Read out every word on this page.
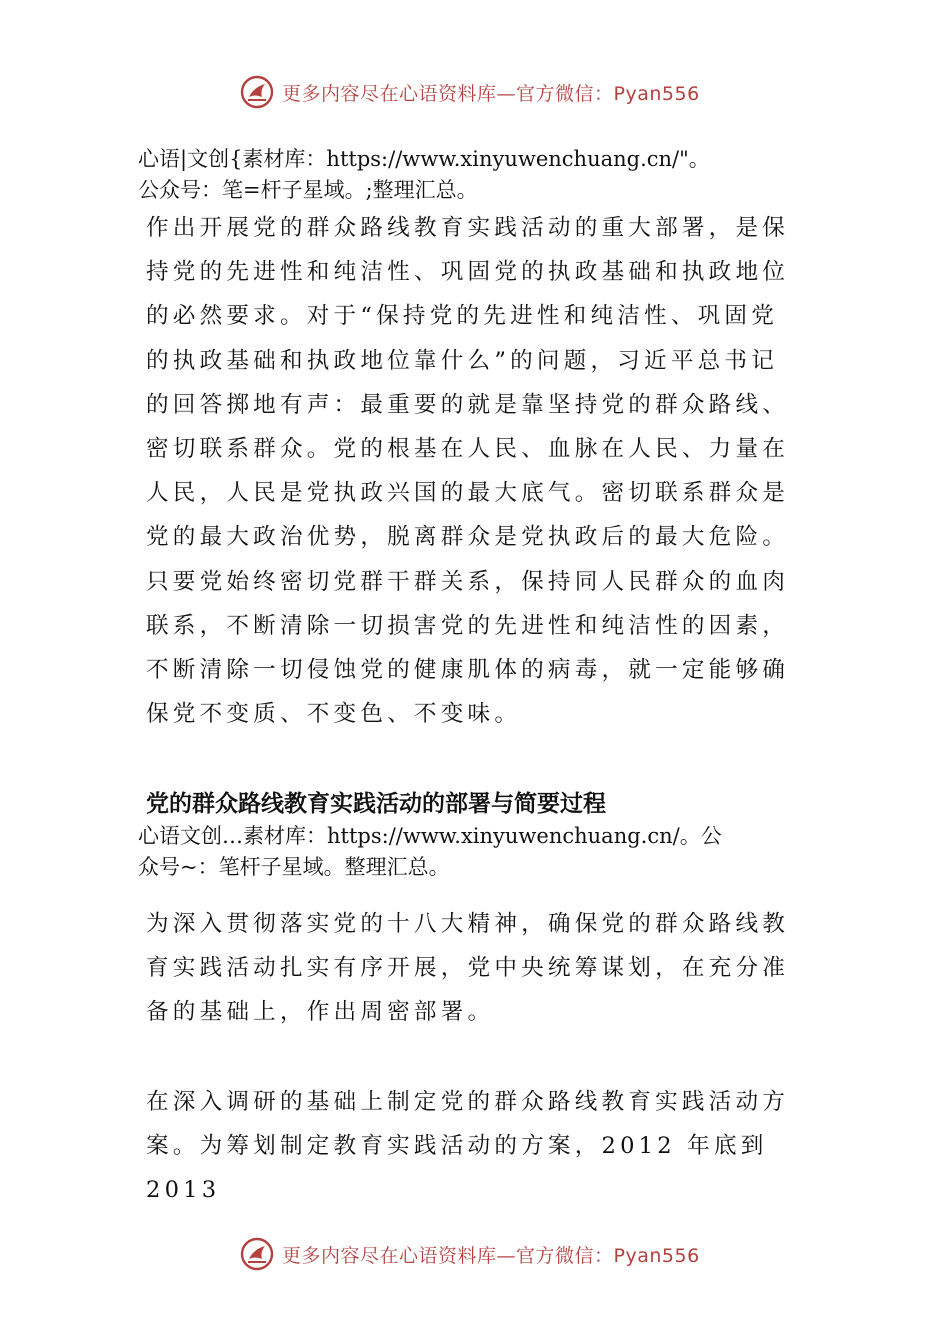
更多内容尽在心语资料库—官方微信：Pyan556
心语|文创{素材库：https://www.xinyuwenchuang.cn/"。
公众号：笔=杆子星域。;整理汇总。
作出开展党的群众路线教育实践活动的重大部署，是保
持党的先进性和纯洁性、巩固党的执政基础和执政地位
的必然要求。对于“保持党的先进性和纯洁性、巩固党
的执政基础和执政地位靠什么”的问题，习近平总书记
的回答掷地有声：最重要的就是靠坚持党的群众路线、
密切联系群众。党的根基在人民、血脉在人民、力量在
人民，人民是党执政兴国的最大底气。密切联系群众是
党的最大政治优势，脱离群众是党执政后的最大危险。
只要党始终密切党群干群关系，保持同人民群众的血肉
联系，不断清除一切损害党的先进性和纯洁性的因素，
不断清除一切侵蚀党的健康肌体的病毒，就一定能够确
保党不变质、不变色、不变味。
党的群众路线教育实践活动的部署与简要过程
心语文创…素材库：https://www.xinyuwenchuang.cn/。公
众号~：笔杆子星域。整理汇总。
为深入贯彻落实党的十八大精神，确保党的群众路线教
育实践活动扎实有序开展，党中央统筹谋划，在充分准
备的基础上，作出周密部署。
在深入调研的基础上制定党的群众路线教育实践活动方
案。为筹划制定教育实践活动的方案，2012 年底到
2013
更多内容尽在心语资料库—官方微信：Pyan556
